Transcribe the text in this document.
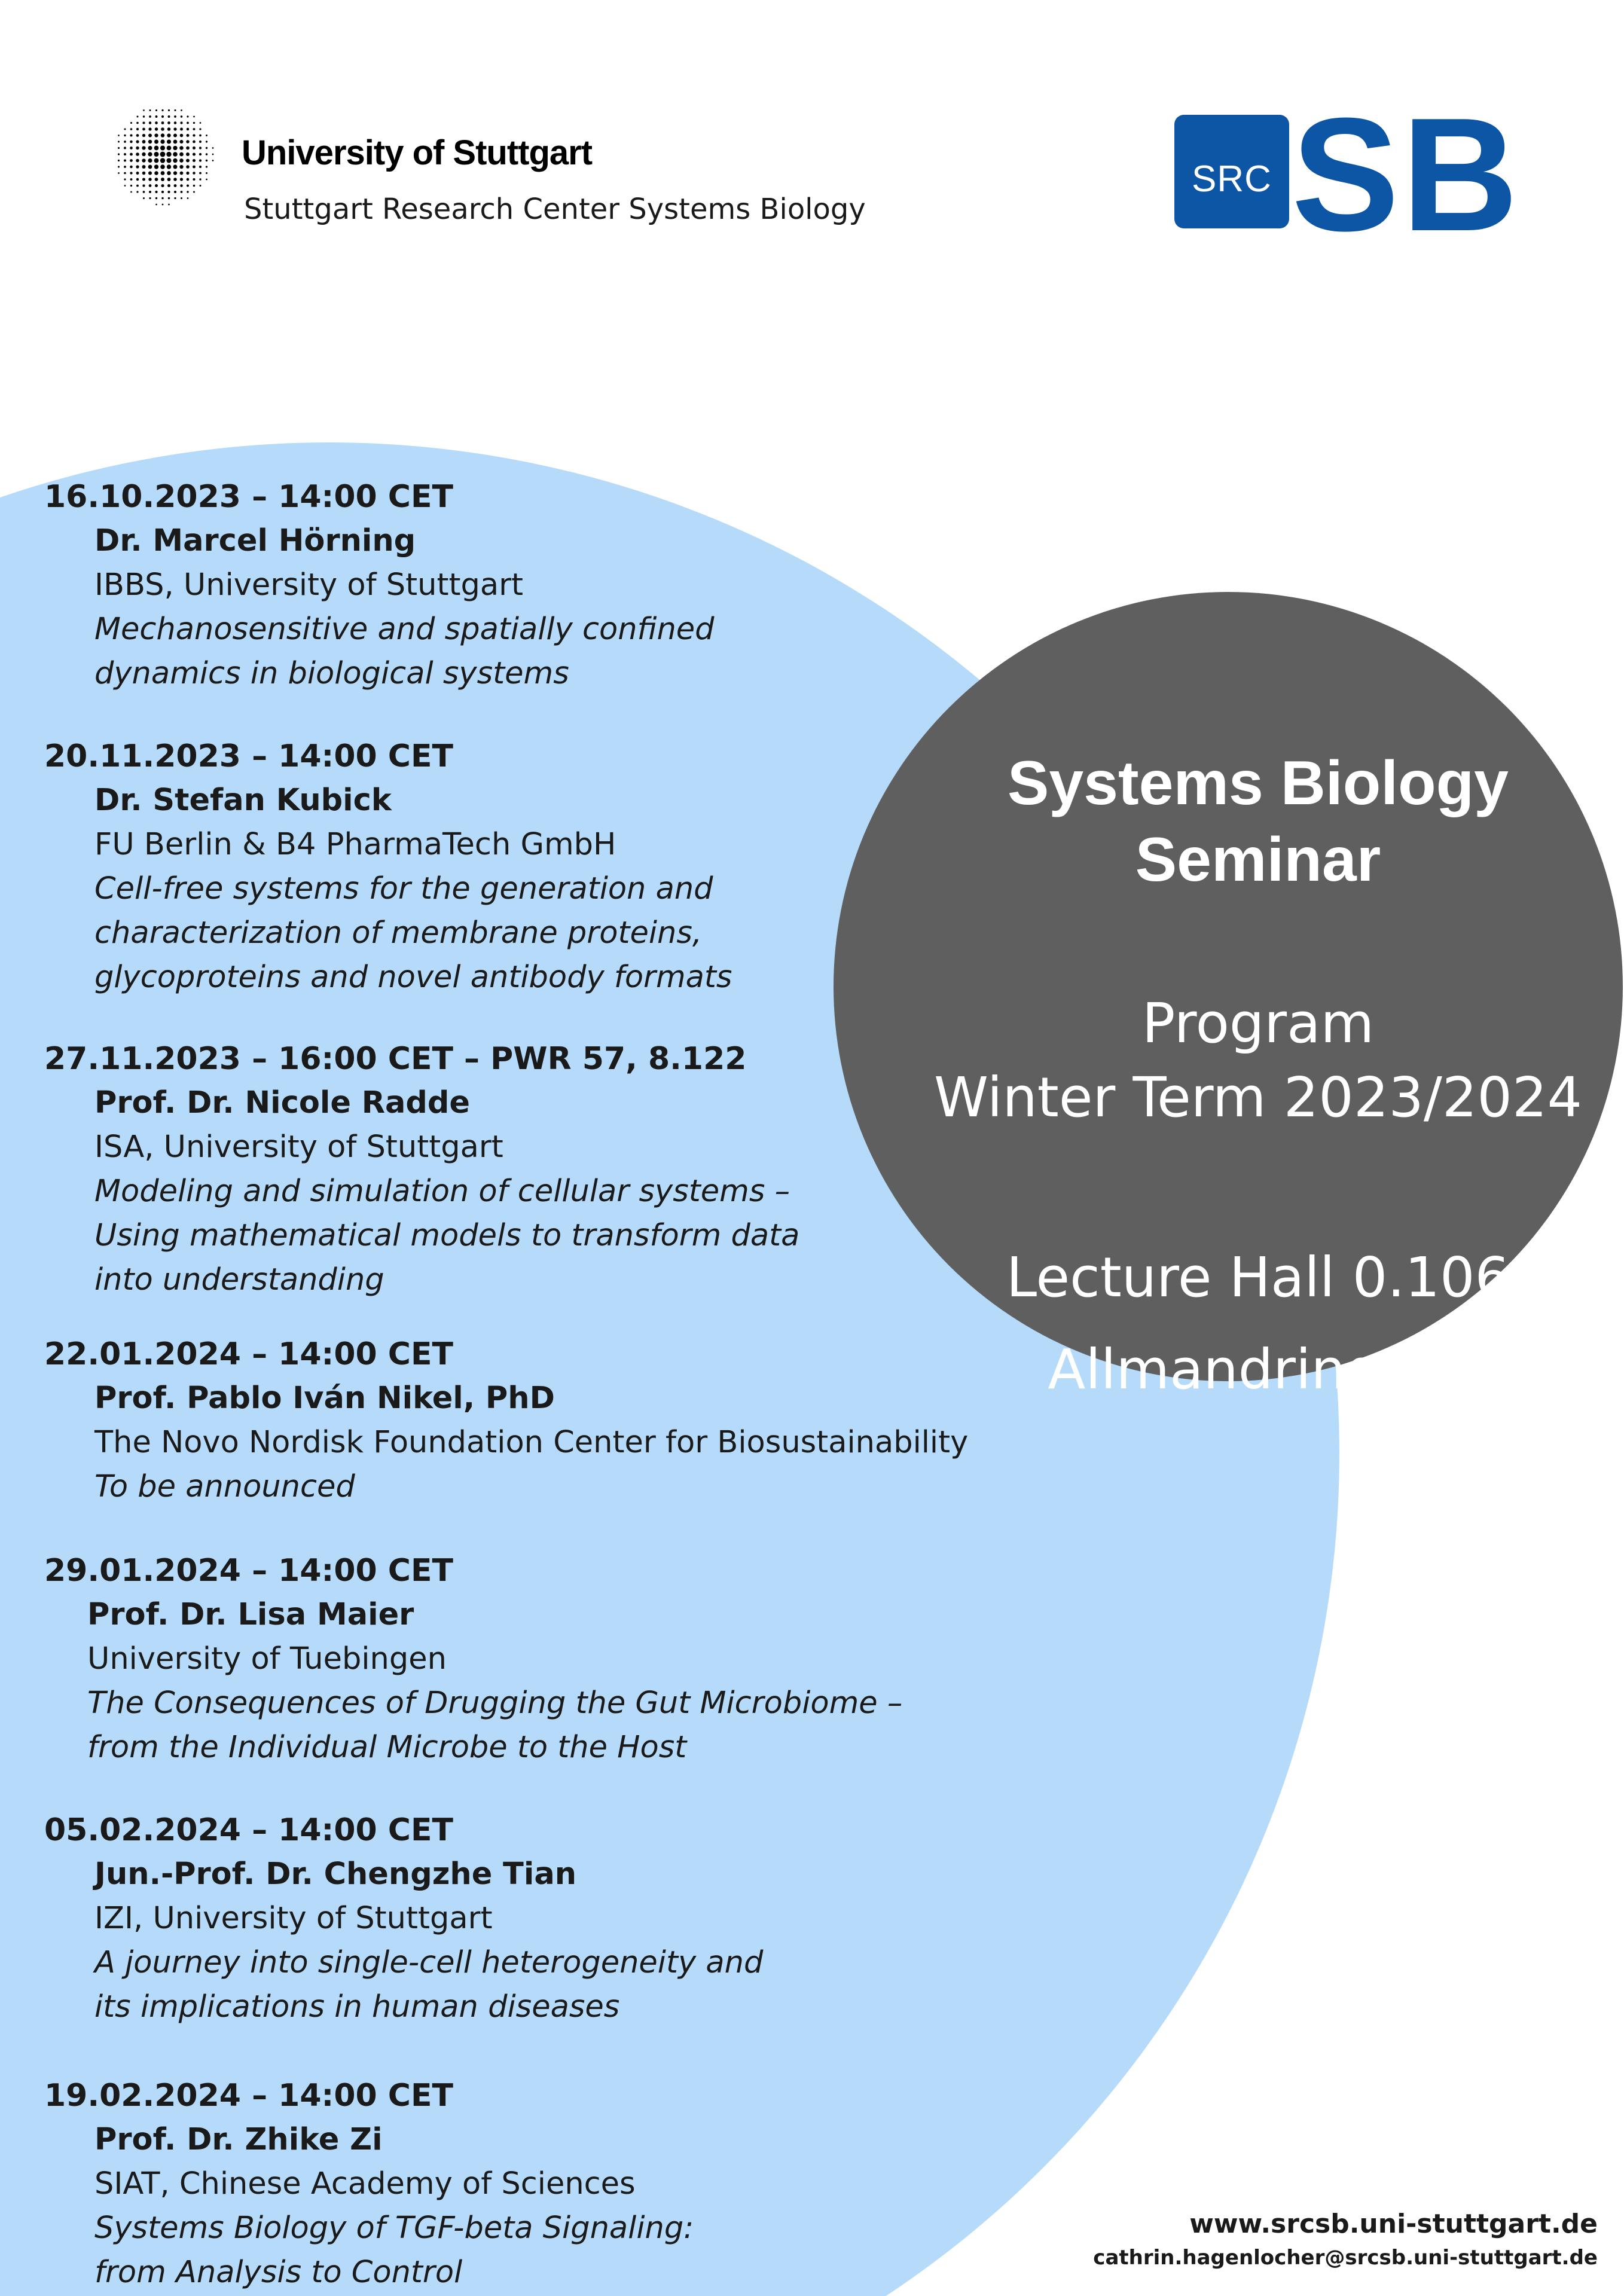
University of Stuttgart
Stuttgart Research Center Systems Biology
SRC SB
Systems Biology
Seminar
Program
Winter Term 2023/2024
Lecture Hall 0.106
Allmandring 31
16.10.2023 – 14:00 CET
Dr. Marcel Hörning
IBBS, University of Stuttgart
Mechanosensitive and spatially confined
dynamics in biological systems
20.11.2023 – 14:00 CET
Dr. Stefan Kubick
FU Berlin & B4 PharmaTech GmbH
Cell-free systems for the generation and
characterization of membrane proteins,
glycoproteins and novel antibody formats
27.11.2023 – 16:00 CET – PWR 57, 8.122
Prof. Dr. Nicole Radde
ISA, University of Stuttgart
Modeling and simulation of cellular systems –
Using mathematical models to transform data
into understanding
22.01.2024 – 14:00 CET
Prof. Pablo Iván Nikel, PhD
The Novo Nordisk Foundation Center for Biosustainability
To be announced
29.01.2024 – 14:00 CET
Prof. Dr. Lisa Maier
University of Tuebingen
The Consequences of Drugging the Gut Microbiome –
from the Individual Microbe to the Host
05.02.2024 – 14:00 CET
Jun.-Prof. Dr. Chengzhe Tian
IZI, University of Stuttgart
A journey into single-cell heterogeneity and
its implications in human diseases
19.02.2024 – 14:00 CET
Prof. Dr. Zhike Zi
SIAT, Chinese Academy of Sciences
Systems Biology of TGF-beta Signaling:
from Analysis to Control
www.srcsb.uni-stuttgart.de
cathrin.hagenlocher@srcsb.uni-stuttgart.de
